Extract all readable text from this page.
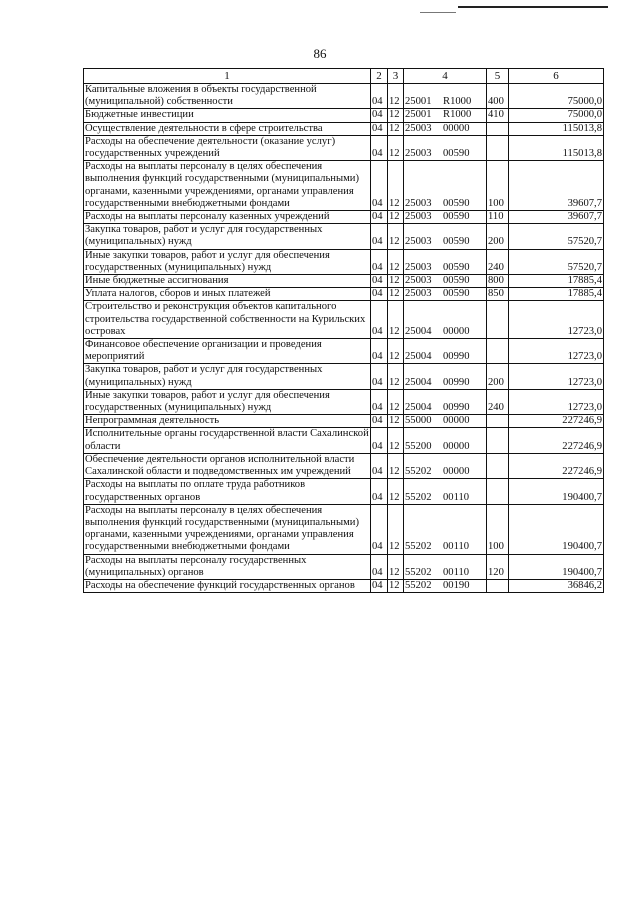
86
1	2	3	4	5	6
Капитальные вложения в объекты государственной (муниципальной) собственности	04	12	25001 R1000	400	75000,0
Бюджетные инвестиции	04	12	25001 R1000	410	75000,0
Осуществление деятельности в сфере строительства	04	12	25003 00000		115013,8
Расходы на обеспечение деятельности (оказание услуг) государственных учреждений	04	12	25003 00590		115013,8
Расходы на выплаты персоналу в целях обеспечения выполнения функций государственными (муниципальными) органами, казенными учреждениями, органами управления государственными внебюджетными фондами	04	12	25003 00590	100	39607,7
Расходы на выплаты персоналу казенных учреждений	04	12	25003 00590	110	39607,7
Закупка товаров, работ и услуг для государственных (муниципальных) нужд	04	12	25003 00590	200	57520,7
Иные закупки товаров, работ и услуг для обеспечения государственных (муниципальных) нужд	04	12	25003 00590	240	57520,7
Иные бюджетные ассигнования	04	12	25003 00590	800	17885,4
Уплата налогов, сборов и иных платежей	04	12	25003 00590	850	17885,4
Строительство и реконструкция объектов капитального строительства государственной собственности на Курильских островах	04	12	25004 00000		12723,0
Финансовое обеспечение организации и проведения мероприятий	04	12	25004 00990		12723,0
Закупка товаров, работ и услуг для государственных (муниципальных) нужд	04	12	25004 00990	200	12723,0
Иные закупки товаров, работ и услуг для обеспечения государственных (муниципальных) нужд	04	12	25004 00990	240	12723,0
Непрограммная деятельность	04	12	55000 00000		227246,9
Исполнительные органы государственной власти Сахалинской области	04	12	55200 00000		227246,9
Обеспечение деятельности органов исполнительной власти Сахалинской области и подведомственных им учреждений	04	12	55202 00000		227246,9
Расходы на выплаты по оплате труда работников государственных органов	04	12	55202 00110		190400,7
Расходы на выплаты персоналу в целях обеспечения выполнения функций государственными (муниципальными) органами, казенными учреждениями, органами управления государственными внебюджетными фондами	04	12	55202 00110	100	190400,7
Расходы на выплаты персоналу государственных (муниципальных) органов	04	12	55202 00110	120	190400,7
Расходы на обеспечение функций государственных органов	04	12	55202 00190		36846,2
